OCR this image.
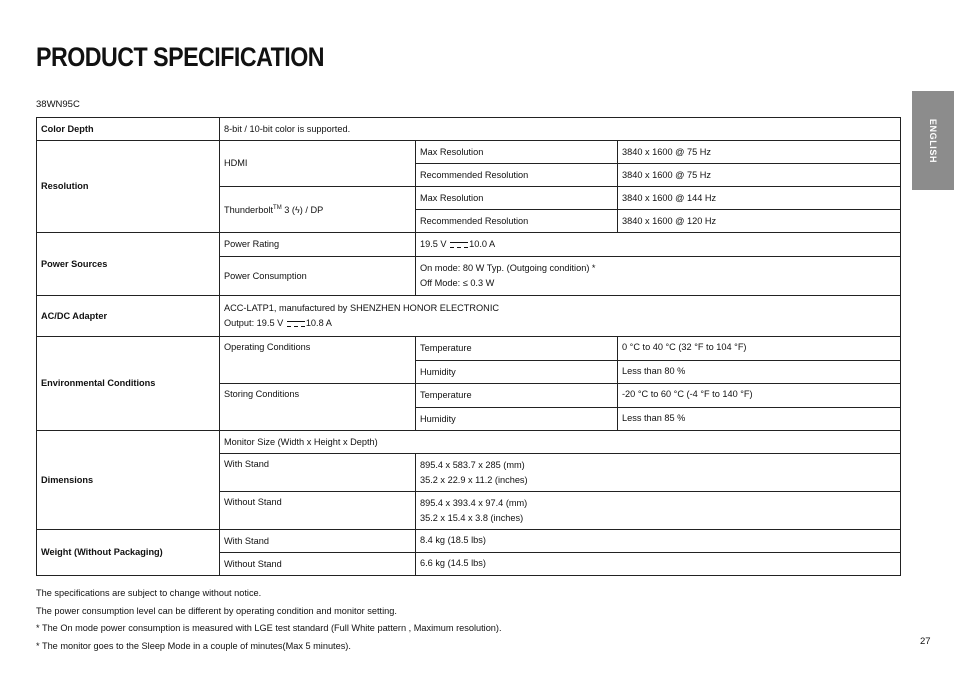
PRODUCT SPECIFICATION
38WN95C
ENGLISH
Color Depth	8-bit / 10-bit color is supported.		
Resolution	HDMI	Max Resolution	3840 x 1600 @ 75 Hz
		Recommended Resolution	3840 x 1600 @ 75 Hz
	Thunderbolt™ 3 (ϟ) / DP	Max Resolution	3840 x 1600 @ 144 Hz
		Recommended Resolution	3840 x 1600 @ 120 Hz
Power Sources	Power Rating	19.5 V 10.0 A	
	Power Consumption	On mode: 80 W Typ. (Outgoing condition) *
Off Mode: ≤ 0.3 W	

AC/DC Adapter	ACC-LATP1, manufactured by SHENZHEN HONOR ELECTRONIC
Output: 19.5 V 10.8 A		

Environmental Conditions	Operating Conditions	Temperature	0 °C to 40 °C (32 °F to 104 °F)
		Humidity	Less than 80 %
	Storing Conditions	Temperature	-20 °C to 60 °C (-4 °F to 140 °F)
		Humidity	Less than 85 %
Dimensions	Monitor Size (Width x Height x Depth)		
	With Stand	895.4 x 583.7 x 285 (mm)
35.2 x 22.9 x 11.2 (inches)	

	Without Stand	895.4 x 393.4 x 97.4 (mm)
35.2 x 15.4 x 3.8 (inches)	

Weight (Without Packaging)	With Stand	8.4 kg (18.5 lbs)	
	Without Stand	6.6 kg (14.5 lbs)	

The specifications are subject to change without notice.

The power consumption level can be different by operating condition and monitor setting.

* The On mode power consumption is measured with LGE test standard (Full White pattern , Maximum resolution).

* The monitor goes to the Sleep Mode in a couple of minutes(Max 5 minutes).	27
